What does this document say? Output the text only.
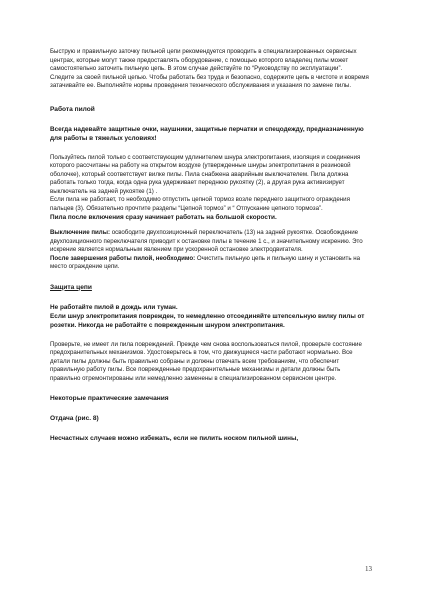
Быструю и правильную заточку пильной цепи рекомендуется проводить в специализированных сервисных центрах, которые могут также предоставлять оборудование, с помощью которого владелец пилы может самостоятельно заточить пильную цепь. В этом случае действуйте по “Руководству по эксплуатации”.

Следите за своей пильной цепью. Чтобы работать без труда и безопасно, содержите цепь в чистоте и вовремя затачивайте ее. Выполняйте нормы проведения технического обслуживания и указания по замене пилы.

Работа пилой

Всегда надевайте защитные очки, наушники, защитные перчатки и спецодежду, предназначенную для работы в тяжелых условиях!

Пользуйтесь пилой только с соответствующим удлинителем шнура электропитания, изоляция и соединения которого рассчитаны на работу на открытом воздухе (утвержденные шнуры электропитания в резиновой оболочке), который соответствует вилке пилы. Пила снабжена аварийным выключателем. Пила должна работать только тогда, когда одна рука удерживает переднюю рукоятку (2), а другая рука активизирует выключатель на задней рукоятке (1) .

Если пила не работает, то необходимо отпустить цепной тормоз возле переднего защитного ограждения пальцев (3). Обязательно прочтите разделы “Цепной тормоз” и “ Отпускание цепного тормоза”.

Пила после включения сразу начинает работать на большой скорости.

Выключение пилы: освободите двухпозиционный переключатель (13) на задней рукоятке. Освобождение двухпозиционного переключателя приводит к остановке пилы в течение 1 с., и значительному искрению. Это искрение является нормальным явлением при ускоренной остановке электродвигателя.

После завершения работы пилой, необходимо: Очистить пильную цепь и пильную шину и установить на место ограждение цепи.

Защита цепи

Не работайте пилой в дождь или туман.

Если шнур электропитания поврежден, то немедленно отсоединяйте штепсельную вилку пилы от розетки. Никогда не работайте с поврежденным шнуром электропитания.

Проверьте, не имеет ли пила повреждений. Прежде чем снова воспользоваться пилой, проверьте состояние предохранительных механизмов. Удостоверьтесь в том, что движущиеся части работают нормально. Все детали пилы должны быть правильно собраны и должны отвечать всем требованиям, что обеспечит правильную работу пилы. Все поврежденные предохранительные механизмы и детали должны быть правильно отремонтированы или немедленно заменены в специализированном сервисном центре.

Некоторые практические замечания

Отдача (рис. 8)

Несчастных случаев можно избежать, если не пилить носком пильной шины,

13
